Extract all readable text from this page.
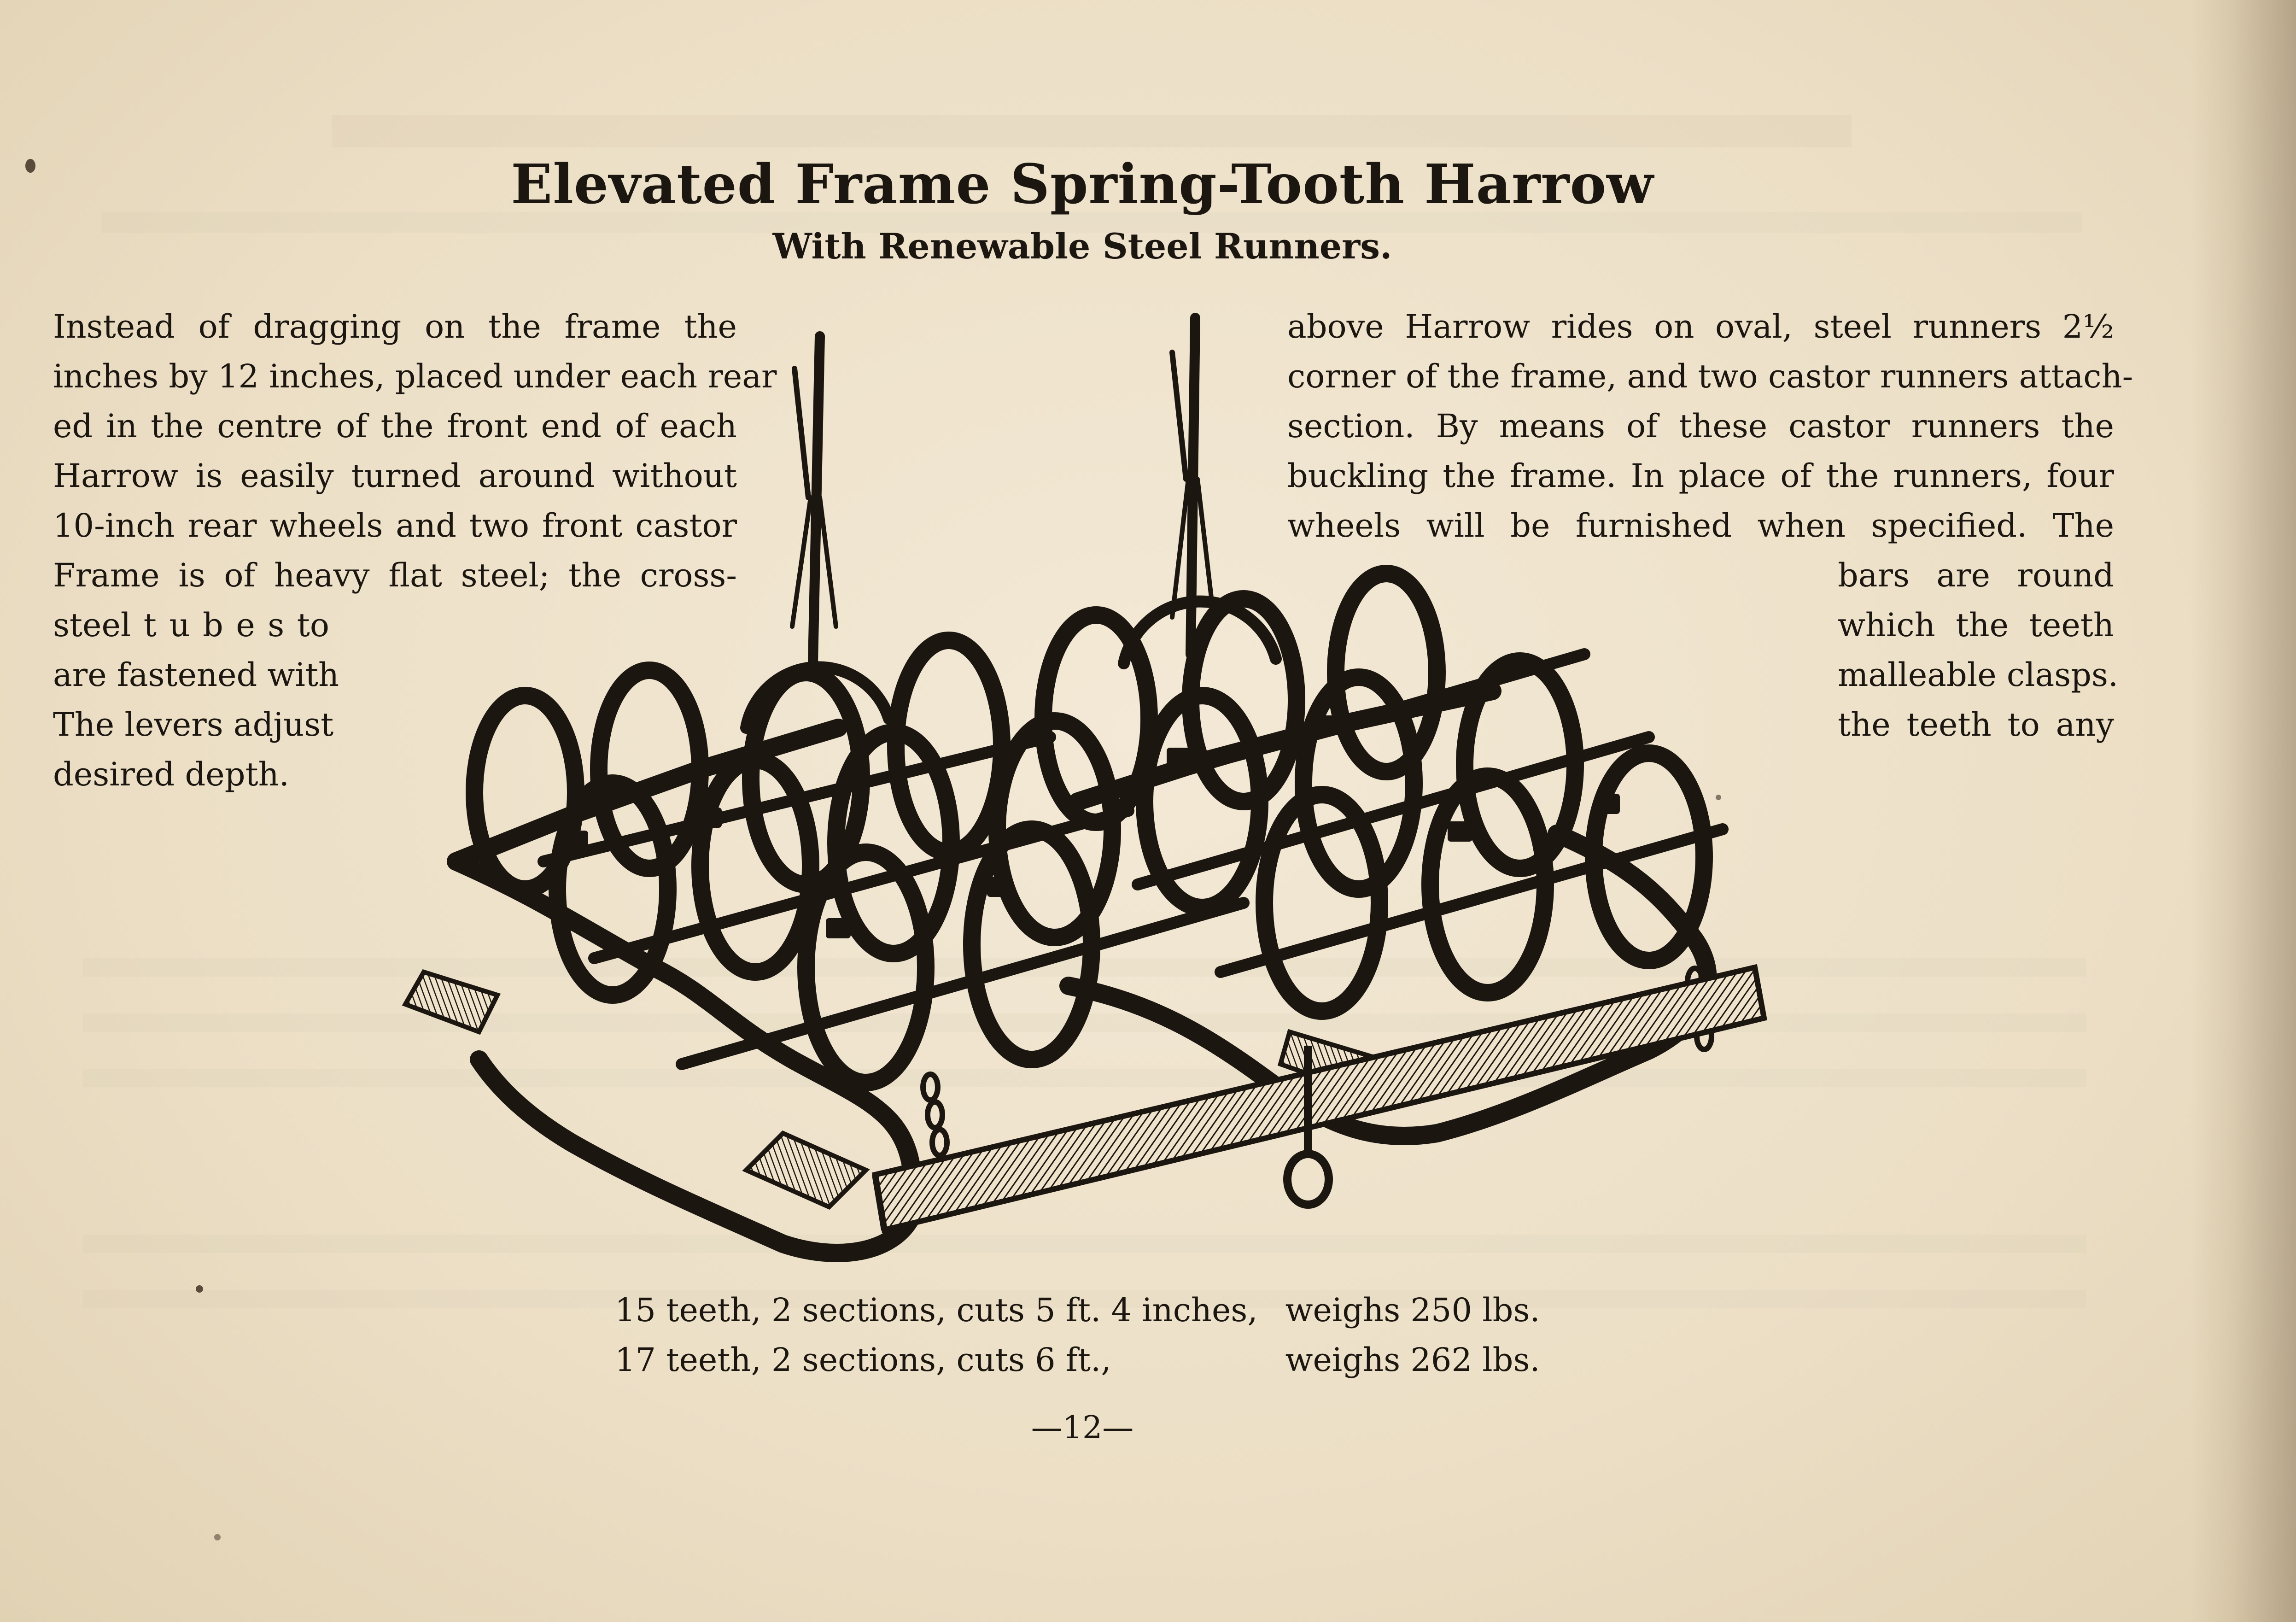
Elevated Frame Spring-Tooth Harrow
With Renewable Steel Runners.
Instead of dragging on the frame the
inches by 12 inches, placed under each rear
ed in the centre of the front end of each
Harrow is easily turned around without
10-inch rear wheels and two front castor
Frame is of heavy flat steel; the cross-
steel t u b e s to
are fastened with
The levers adjust
desired depth.
above Harrow rides on oval, steel runners 2½
corner of the frame, and two castor runners attach-
section. By means of these castor runners the
buckling the frame. In place of the runners, four
wheels will be furnished when specified. The
bars are round
which the teeth
malleable clasps.
the teeth to any
15 teeth, 2 sections, cuts 5 ft. 4 inches,	weighs 250 lbs.
17 teeth, 2 sections, cuts 6 ft.,	weighs 262 lbs.
—12—
